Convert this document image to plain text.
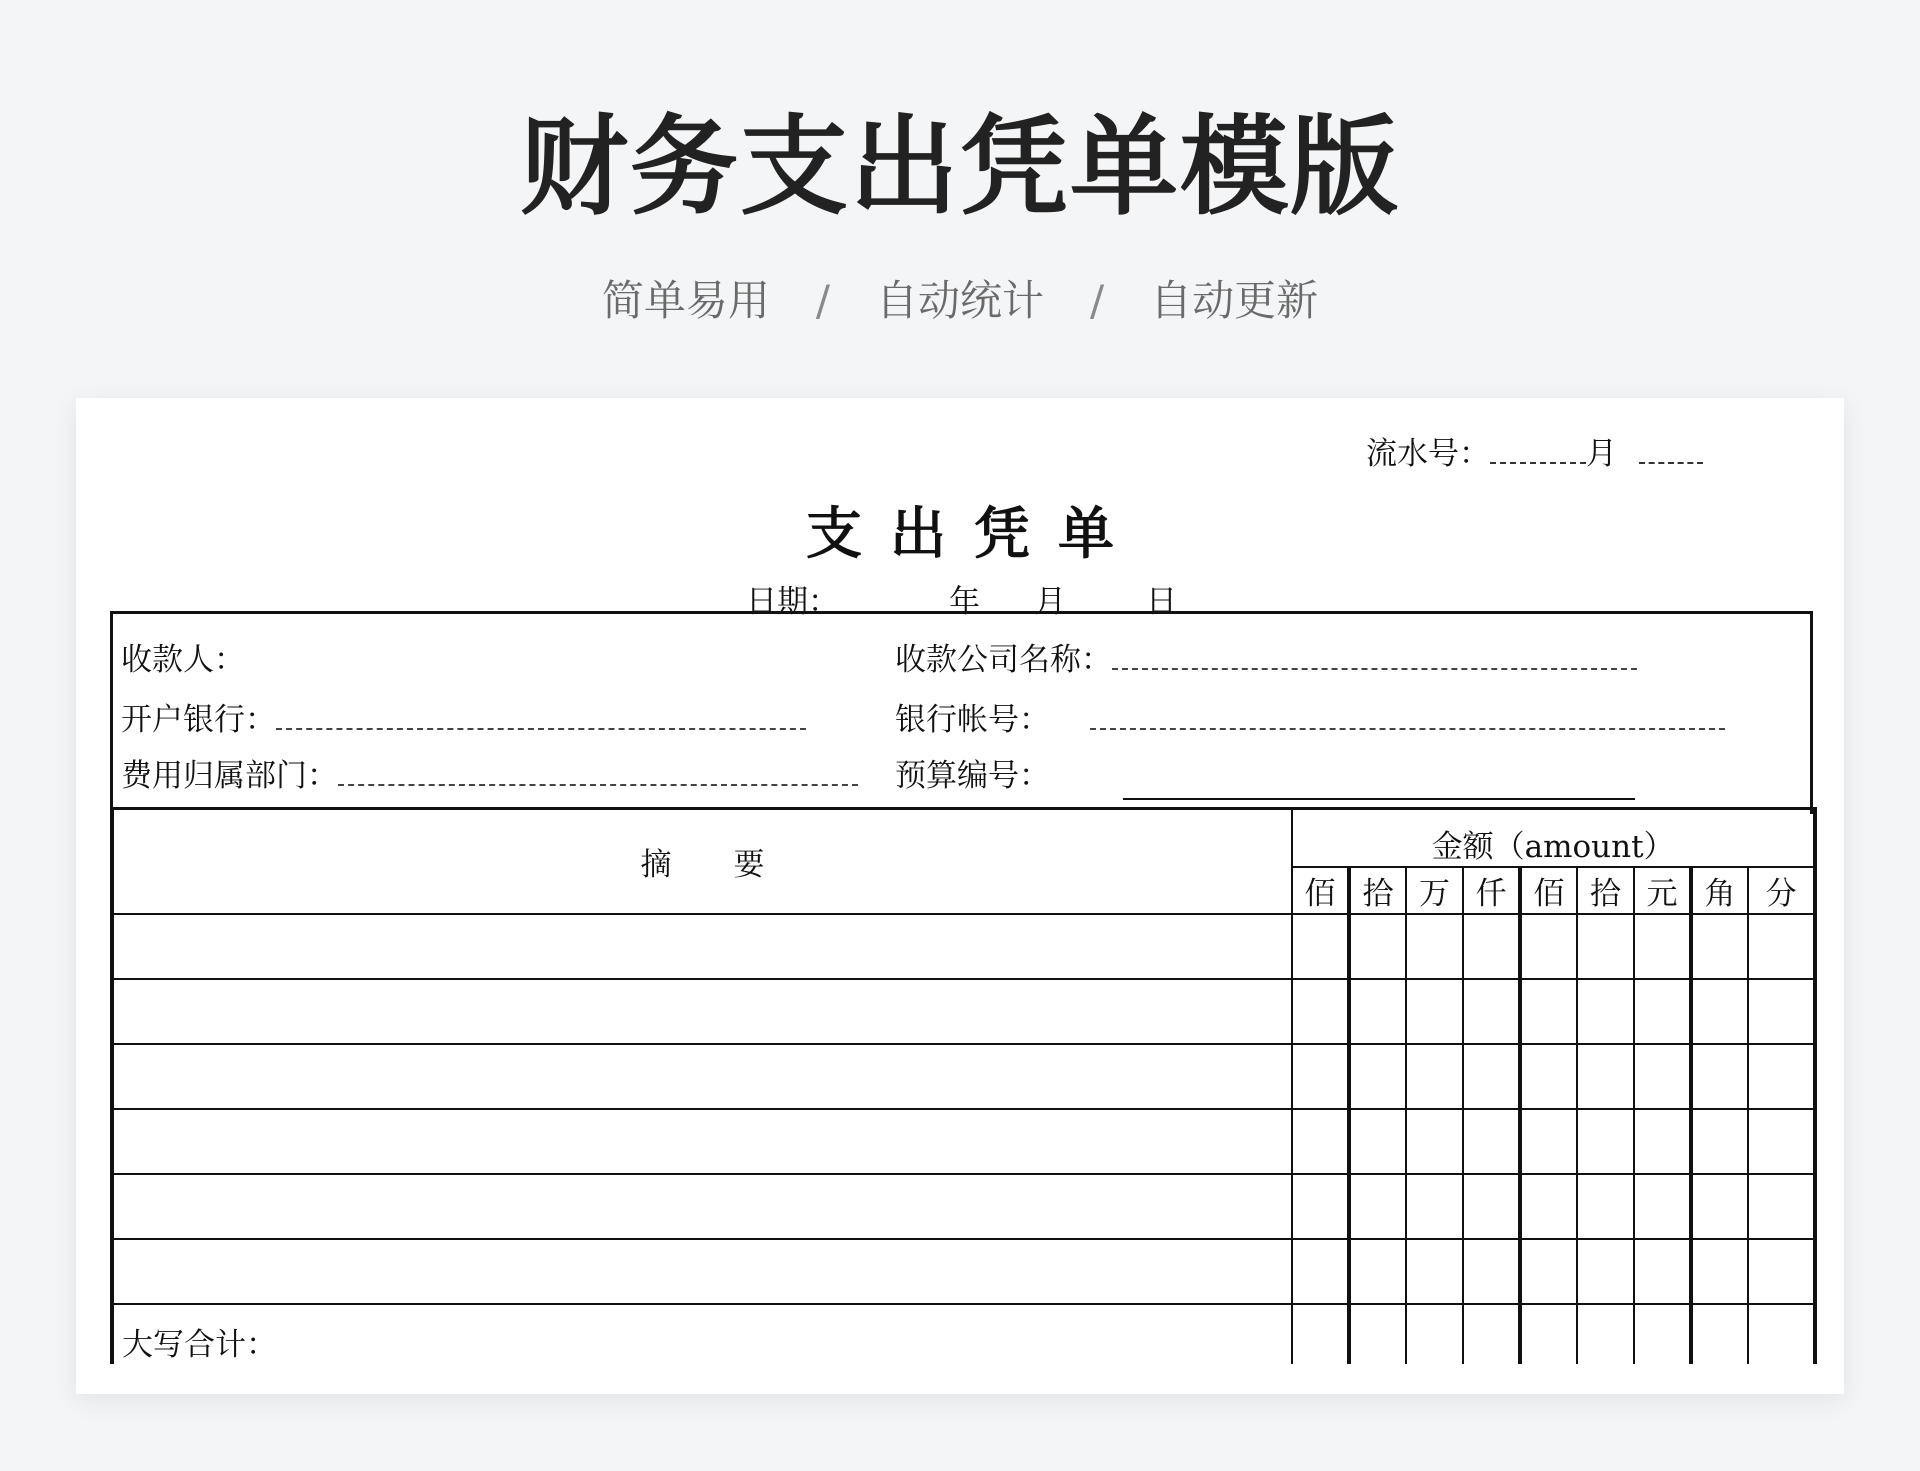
财务支出凭单模版
简单易用 / 自动统计 / 自动更新
流水号：	月
支出凭单
日期：	年 月	日
收款人：	收款公司名称：
开户银行：	银行帐号：
费用归属部门：	预算编号：
摘　　要	金额（amount）								
	佰	拾	万	仟	佰	拾	元	角	分

大写合计：									
